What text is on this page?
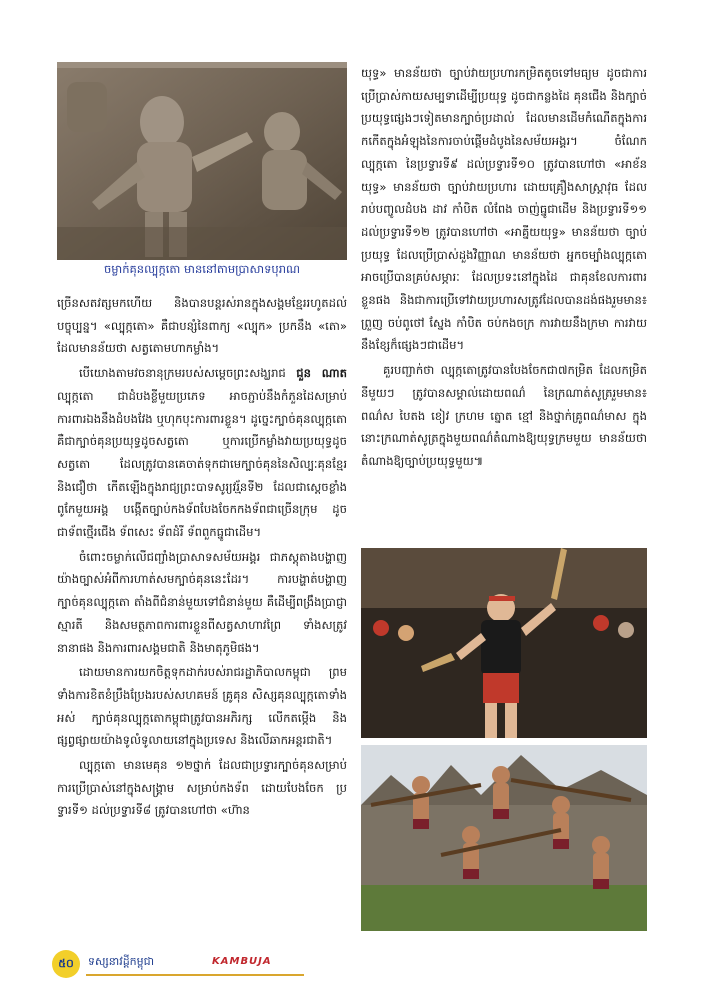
ចម្លាក់គុនល្បុក្កតោ មាននៅតាមប្រាសាទបុរាណ

ច្រើនសតវត្សមកហើយ និងបានបន្តរស់រានក្នុងសង្គមខ្មែររហូតដល់បច្ចុប្បន្ន។ «ល្បុក្កតោ» គឺជាបន្សំនៃពាក្យ «ល្បុក» ប្រកនឹង «តោ» ដែលមានន័យថា សត្វតោមហាកម្លាំង។

បើយោងតាមវចនានុក្រមរបស់សម្តេចព្រះសង្ឃរាជ ជួន ណាត ល្បុក្កតោ ជាដំបងខ្លីមួយប្រភេទ អាចភ្ជាប់នឹងកំភួនដៃសម្រាប់ការពារឯងនឹងដំបងវែង ឬហុកបុះការពារខ្លួន។ ដូច្នេះក្បាច់គុនល្បុក្កតោ គឺជាក្បាច់គុនប្រយុទ្ធដូចសត្វតោ ឬការប្រើកម្លាំងវាយប្រយុទ្ធដូចសត្វតោ ដែលត្រូវបានគេចាត់ទុកជាមេក្បាច់គុននៃសិល្បៈគុនខ្មែរ និងជឿថា កើតឡើងក្នុងរាជ្យព្រះបាទសូរ្យវរ្ម័នទី២ ដែលជាស្តេចខ្លាំងពូកែមួយអង្គ បង្កើតច្បាប់កងទ័ពបែងចែកកងទ័ពជាច្រើនក្រុម ដូចជាទ័ពថ្មើរជើង ទ័ពសេះ ទ័ពដំរី ទ័ពពួកធ្នូជាដើម។

ចំពោះចម្លាក់លើជញ្ជាំងប្រាសាទសម័យអង្គរ ជាភស្តុតាងបង្ហាញយ៉ាងច្បាស់អំពីការហាត់សមក្បាច់គុននេះដែរ។ ការបង្ហាត់បង្ហាញក្បាច់គុនល្បុក្កតោ តាំងពីជំនាន់មួយទៅជំនាន់មួយ គឺដើម្បីពង្រឹងប្រាជ្ញាស្មារតី និងសមត្ថភាពការពារខ្លួនពីសត្វសាហាវព្រៃ ទាំងសត្រូវនានាផង និងការពារសង្គមជាតិ និងមាតុភូមិផង។

ដោយមានការយកចិត្តទុកដាក់របស់រាជរដ្ឋាភិបាលកម្ពុជា ព្រមទាំងការខិតខំប្រឹងប្រែងរបស់សហគមន៍ គ្រូគុន សិស្សគុនល្បុក្កតោទាំងអស់ ក្បាច់គុនល្បុក្កតោកម្ពុជាត្រូវបានអភិរក្ស លើកតម្កើង និងផ្សព្វផ្សាយយ៉ាងទូលំទូលាយនៅក្នុងប្រទេស និងលើឆាកអន្តរជាតិ។

ល្បុក្កតោ មានមេគុន ១២ថ្នាក់ ដែលជាប្រទ្វារក្បាច់គុនសម្រាប់ការប្រើប្រាស់នៅក្នុងសង្គ្រាម សម្រាប់កងទ័ព ដោយបែងចែក ប្រទ្វារទី១ ដល់ប្រទ្វារទី៨ ត្រូវបានហៅថា «ហ៊ាន

យុទ្ធ» មានន័យថា ច្បាប់វាយប្រហារកម្រិតតូចទៅមធ្យម ដូចជាការប្រើប្រាស់កាយសម្បទាដើម្បីប្រយុទ្ធ ដូចជាកន្លងដៃ គុនជើង និងក្បាច់ប្រយុទ្ធផ្សេងៗទៀតមានក្បាច់ប្រដាល់ ដែលមានដើមកំណើតក្នុងការកកើតក្នុងអំឡុងនៃការចាប់ផ្ដើមដំបូងនៃសម័យអង្គរ។ ចំណែកល្បុក្កតោ នៃប្រទ្វារទី៩ ដល់ប្រទ្វារទី១០ ត្រូវបានហៅថា «អាខ័នយុទ្ធ» មានន័យថា ច្បាប់វាយប្រហារ ដោយគ្រឿងសាស្ត្រាវុធ ដែលរាប់បញ្ចូលដំបង ដាវ កាំបិត លំពែង ចាញ់ធ្នូជាដើម និងប្រទ្វារទី១១ ដល់ប្រទ្វារទី១២ ត្រូវបានហៅថា «អាគ្នីយយុទ្ធ» មានន័យថា ច្បាប់ប្រយុទ្ធ ដែលប្រើប្រាស់ដួងវិញ្ញាណ មានន័យថា អ្នកចម្បាំងល្បុក្កតោអាចប្រើបានគ្រប់សម្ភារៈ ដែលប្រទះនៅក្នុងដៃ ជាគុនខែលការពារខ្លួនផង និងជាការប្រើទៅវាយប្រហារសត្រូវដែលបានដង់ផងរួមមាន៖ ព្រួញ ចប់ពូថៅ ស្នែង កាំបិត ចប់កងចក្រ ការវាយនឹងក្រមា ការវាយនឹងខ្សែក៏ផ្សេងៗជាដើម។

គួរបញ្ជាក់ថា ល្បុក្កតោត្រូវបានបែងចែកជា៧កម្រិត ដែលកម្រិតនីមួយៗ ត្រូវបានសម្គាល់ដោយពណ៌ នៃក្រណាត់សូត្ររួមមាន៖ ពណ៌ស បៃតង ខៀវ ក្រហម ត្នោត ខ្មៅ និងថ្នាក់គ្រូពណ៌មាស ក្នុងនោះក្រណាត់សូត្រក្នុងមួយពណ៌តំណាងឱ្យយុទ្ធក្រមមួយ មានន័យថា តំណាងឱ្យច្បាប់ប្រយុទ្ធមួយ៕

៥០	ទស្សនាវដ្តីកម្ពុជា	KAMBUJA
